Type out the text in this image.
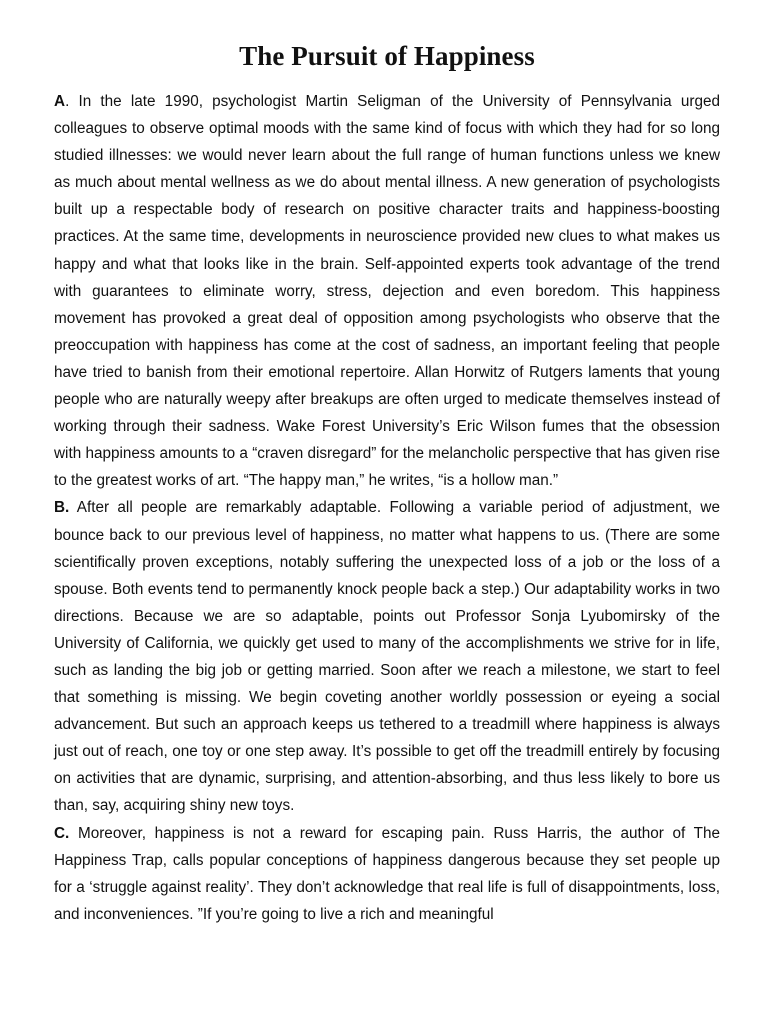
The Pursuit of Happiness

A. In the late 1990, psychologist Martin Seligman of the University of Pennsylvania urged colleagues to observe optimal moods with the same kind of focus with which they had for so long studied illnesses: we would never learn about the full range of human functions unless we knew as much about mental wellness as we do about mental illness. A new generation of psychologists built up a respectable body of research on positive character traits and happiness-boosting practices. At the same time, developments in neuroscience provided new clues to what makes us happy and what that looks like in the brain. Self-appointed experts took advantage of the trend with guarantees to eliminate worry, stress, dejection and even boredom. This happiness movement has provoked a great deal of opposition among psychologists who observe that the preoccupation with happiness has come at the cost of sadness, an important feeling that people have tried to banish from their emotional repertoire. Allan Horwitz of Rutgers laments that young people who are naturally weepy after breakups are often urged to medicate themselves instead of working through their sadness. Wake Forest University’s Eric Wilson fumes that the obsession with happiness amounts to a “craven disregard” for the melancholic perspective that has given rise to the greatest works of art. “The happy man,” he writes, “is a hollow man.”

B. After all people are remarkably adaptable. Following a variable period of adjustment, we bounce back to our previous level of happiness, no matter what happens to us. (There are some scientifically proven exceptions, notably suffering the unexpected loss of a job or the loss of a spouse. Both events tend to permanently knock people back a step.) Our adaptability works in two directions. Because we are so adaptable, points out Professor Sonja Lyubomirsky of the University of California, we quickly get used to many of the accomplishments we strive for in life, such as landing the big job or getting married. Soon after we reach a milestone, we start to feel that something is missing. We begin coveting another worldly possession or eyeing a social advancement. But such an approach keeps us tethered to a treadmill where happiness is always just out of reach, one toy or one step away. It’s possible to get off the treadmill entirely by focusing on activities that are dynamic, surprising, and attention-absorbing, and thus less likely to bore us than, say, acquiring shiny new toys.

C. Moreover, happiness is not a reward for escaping pain. Russ Harris, the author of The Happiness Trap, calls popular conceptions of happiness dangerous because they set people up for a ‘struggle against reality’. They don’t acknowledge that real life is full of disappointments, loss, and inconveniences. ”If you’re going to live a rich and meaningful
